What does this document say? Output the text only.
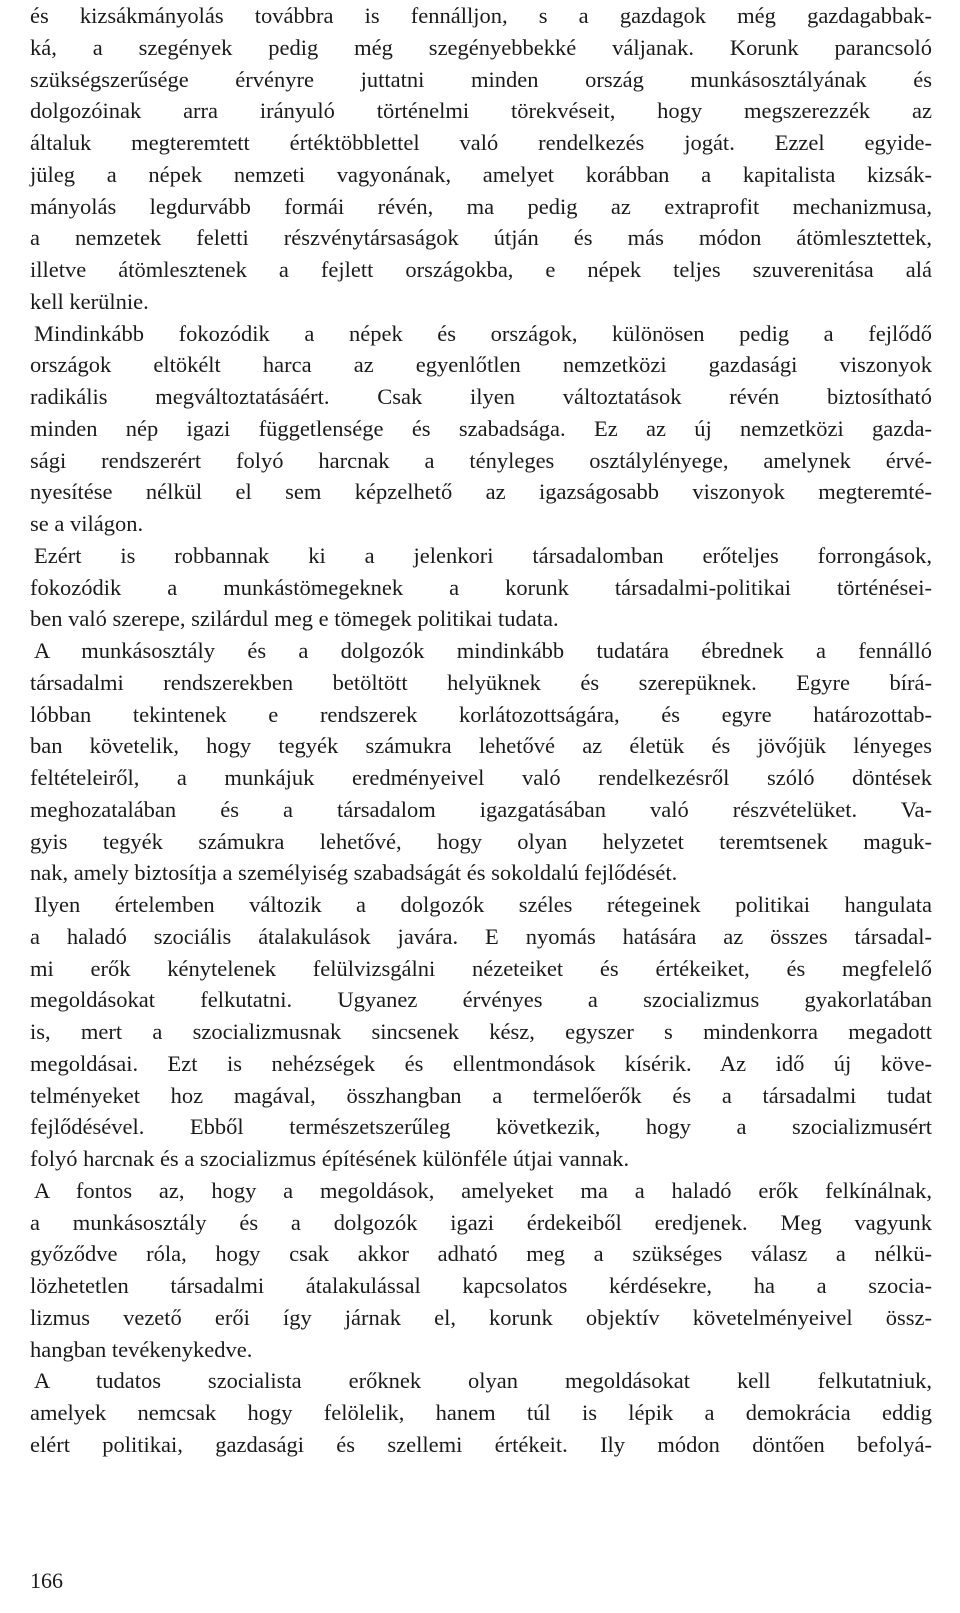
és kizsákmányolás továbbra is fennálljon, s a gazdagok még gazdagabbak-
ká, a szegények pedig még szegényebbekké váljanak. Korunk parancsoló
szükségszerűsége érvényre juttatni minden ország munkásosztályának és
dolgozóinak arra irányuló történelmi törekvéseit, hogy megszerezzék az
általuk megteremtett értéktöbblettel való rendelkezés jogát. Ezzel egyide-
jüleg a népek nemzeti vagyonának, amelyet korábban a kapitalista kizsák-
mányolás legdurvább formái révén, ma pedig az extraprofit mechanizmusa,
a nemzetek feletti részvénytársaságok útján és más módon átömlesztettek,
illetve átömlesztenek a fejlett országokba, e népek teljes szuverenitása alá
kell kerülnie.
Mindinkább fokozódik a népek és országok, különösen pedig a fejlődő
országok eltökélt harca az egyenlőtlen nemzetközi gazdasági viszonyok
radikális megváltoztatásáért. Csak ilyen változtatások révén biztosítható
minden nép igazi függetlensége és szabadsága. Ez az új nemzetközi gazda-
sági rendszerért folyó harcnak a tényleges osztálylényege, amelynek érvé-
nyesítése nélkül el sem képzelhető az igazságosabb viszonyok megteremté-
se a világon.
Ezért is robbannak ki a jelenkori társadalomban erőteljes forrongások,
fokozódik a munkástömegeknek a korunk társadalmi-politikai történései-
ben való szerepe, szilárdul meg e tömegek politikai tudata.
A munkásosztály és a dolgozók mindinkább tudatára ébrednek a fennálló
társadalmi rendszerekben betöltött helyüknek és szerepüknek. Egyre bírá-
lóbban tekintenek e rendszerek korlátozottságára, és egyre határozottab-
ban követelik, hogy tegyék számukra lehetővé az életük és jövőjük lényeges
feltételeiről, a munkájuk eredményeivel való rendelkezésről szóló döntések
meghozatalában és a társadalom igazgatásában való részvételüket. Va-
gyis tegyék számukra lehetővé, hogy olyan helyzetet teremtsenek maguk-
nak, amely biztosítja a személyiség szabadságát és sokoldalú fejlődését.
Ilyen értelemben változik a dolgozók széles rétegeinek politikai hangulata
a haladó szociális átalakulások javára. E nyomás hatására az összes társadal-
mi erők kénytelenek felülvizsgálni nézeteiket és értékeiket, és megfelelő
megoldásokat felkutatni. Ugyanez érvényes a szocializmus gyakorlatában
is, mert a szocializmusnak sincsenek kész, egyszer s mindenkorra megadott
megoldásai. Ezt is nehézségek és ellentmondások kísérik. Az idő új köve-
telményeket hoz magával, összhangban a termelőerők és a társadalmi tudat
fejlődésével. Ebből természetszerűleg következik, hogy a szocializmusért
folyó harcnak és a szocializmus építésének különféle útjai vannak.
A fontos az, hogy a megoldások, amelyeket ma a haladó erők felkínálnak,
a munkásosztály és a dolgozók igazi érdekeiből eredjenek. Meg vagyunk
győződve róla, hogy csak akkor adható meg a szükséges válasz a nélkü-
lözhetetlen társadalmi átalakulással kapcsolatos kérdésekre, ha a szocia-
lizmus vezető erői így járnak el, korunk objektív követelményeivel össz-
hangban tevékenykedve.
A tudatos szocialista erőknek olyan megoldásokat kell felkutatniuk,
amelyek nemcsak hogy felölelik, hanem túl is lépik a demokrácia eddig
elért politikai, gazdasági és szellemi értékeit. Ily módon döntően befolyá-
166
